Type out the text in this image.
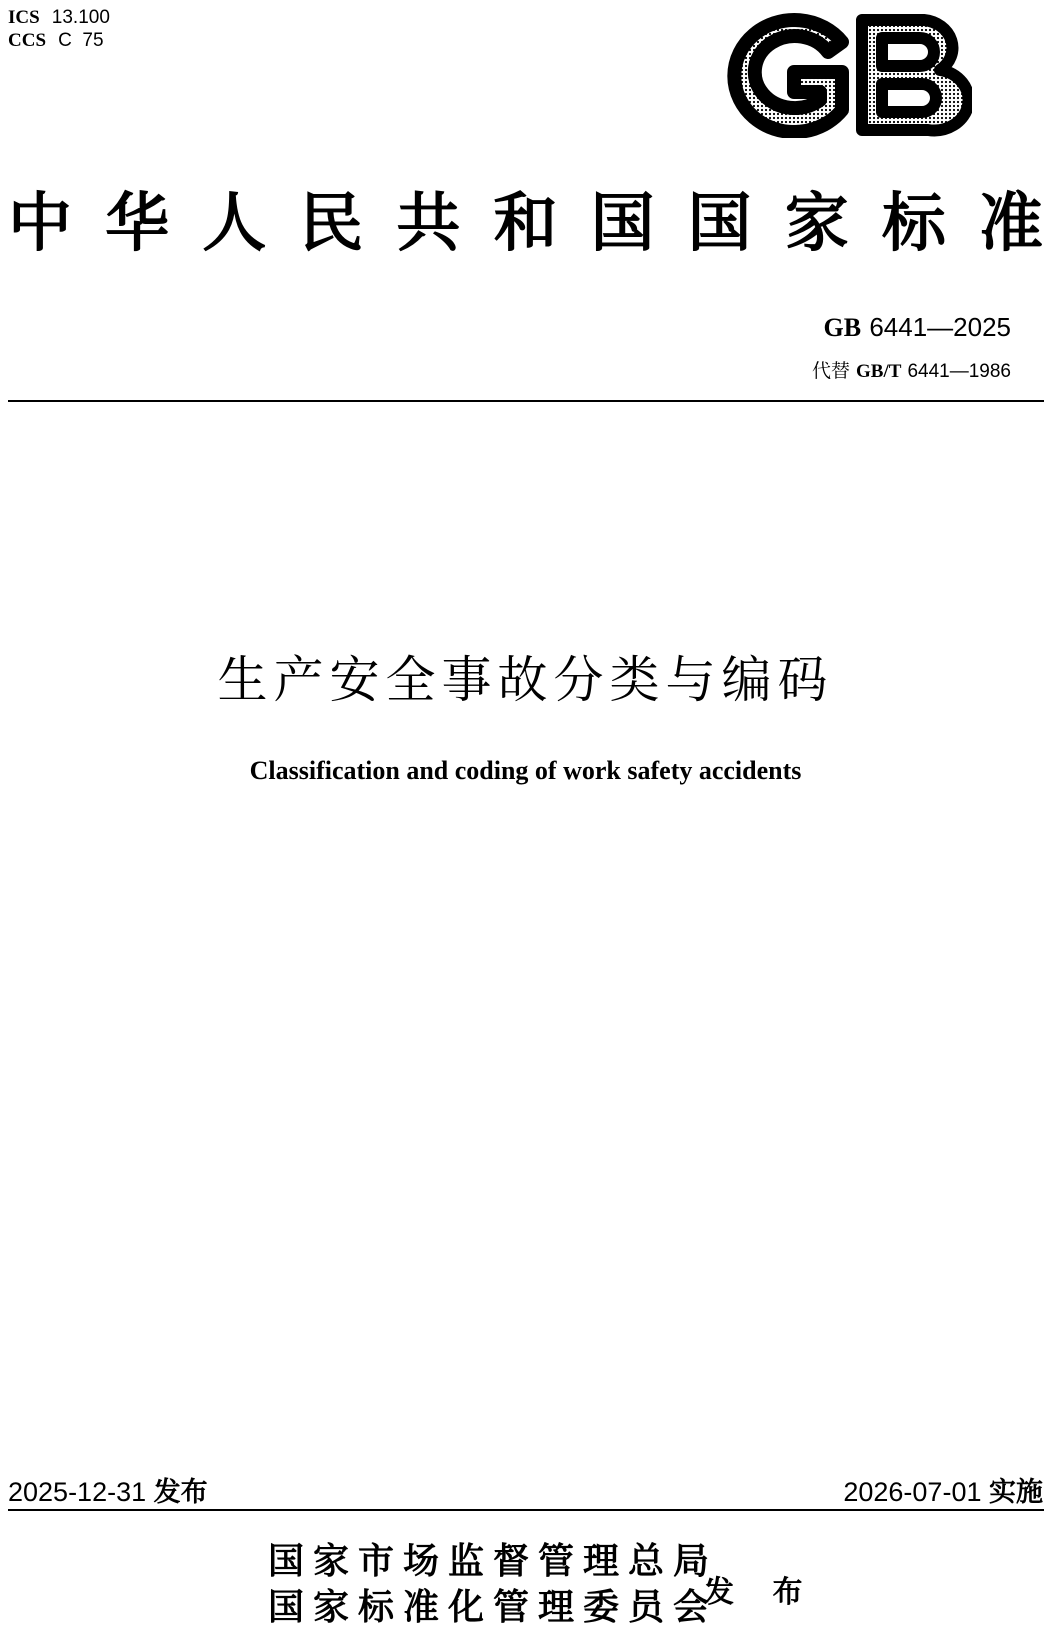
ICS 13.100
CCS C  75
中 华 人 民 共 和 国 国 家 标 准
GB 6441—2025
代替 GB/T 6441—1986
生产安全事故分类与编码
Classification and coding of work safety accidents
2025-12-31 发布	2026-07-01 实施
国家市场监督管理总局
国家标准化管理委员会
发 布
